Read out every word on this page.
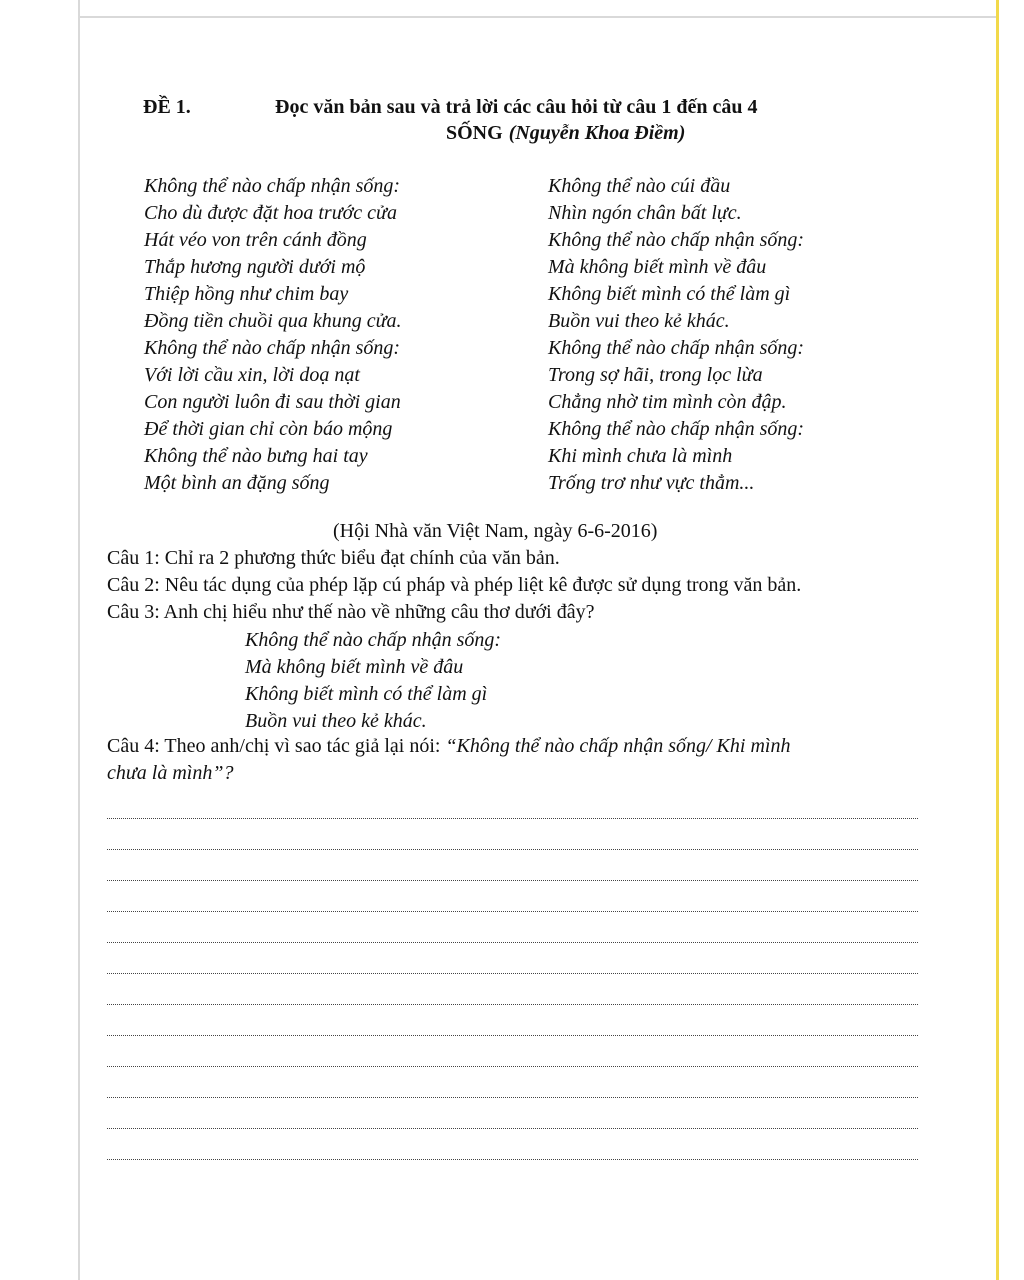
ĐỀ 1.	Đọc văn bản sau và trả lời các câu hỏi từ câu 1 đến câu 4
SỐNG (Nguyễn Khoa Điềm)
Không thể nào chấp nhận sống:
Cho dù được đặt hoa trước cửa
Hát véo von trên cánh đồng
Thắp hương người dưới mộ
Thiệp hồng như chim bay
Đồng tiền chuồi qua khung cửa.
Không thể nào chấp nhận sống:
Với lời cầu xin, lời doạ nạt
Con người luôn đi sau thời gian
Để thời gian chỉ còn báo mộng
Không thể nào bưng hai tay
Một bình an đặng sống
Không thể nào cúi đầu
Nhìn ngón chân bất lực.
Không thể nào chấp nhận sống:
Mà không biết mình về đâu
Không biết mình có thể làm gì
Buồn vui theo kẻ khác.
Không thể nào chấp nhận sống:
Trong sợ hãi, trong lọc lừa
Chẳng nhờ tim mình còn đập.
Không thể nào chấp nhận sống:
Khi mình chưa là mình
Trống trơ như vực thẳm...
(Hội Nhà văn Việt Nam, ngày 6-6-2016)
Câu 1: Chỉ ra 2 phương thức biểu đạt chính của văn bản.
Câu 2: Nêu tác dụng của phép lặp cú pháp và phép liệt kê được sử dụng trong văn bản.
Câu 3: Anh chị hiểu như thế nào về những câu thơ dưới đây?
Không thể nào chấp nhận sống:
Mà không biết mình về đâu
Không biết mình có thể làm gì
Buồn vui theo kẻ khác.
Câu 4: Theo anh/chị vì sao tác giả lại nói: “Không thể nào chấp nhận sống/ Khi mình
chưa là mình”?
